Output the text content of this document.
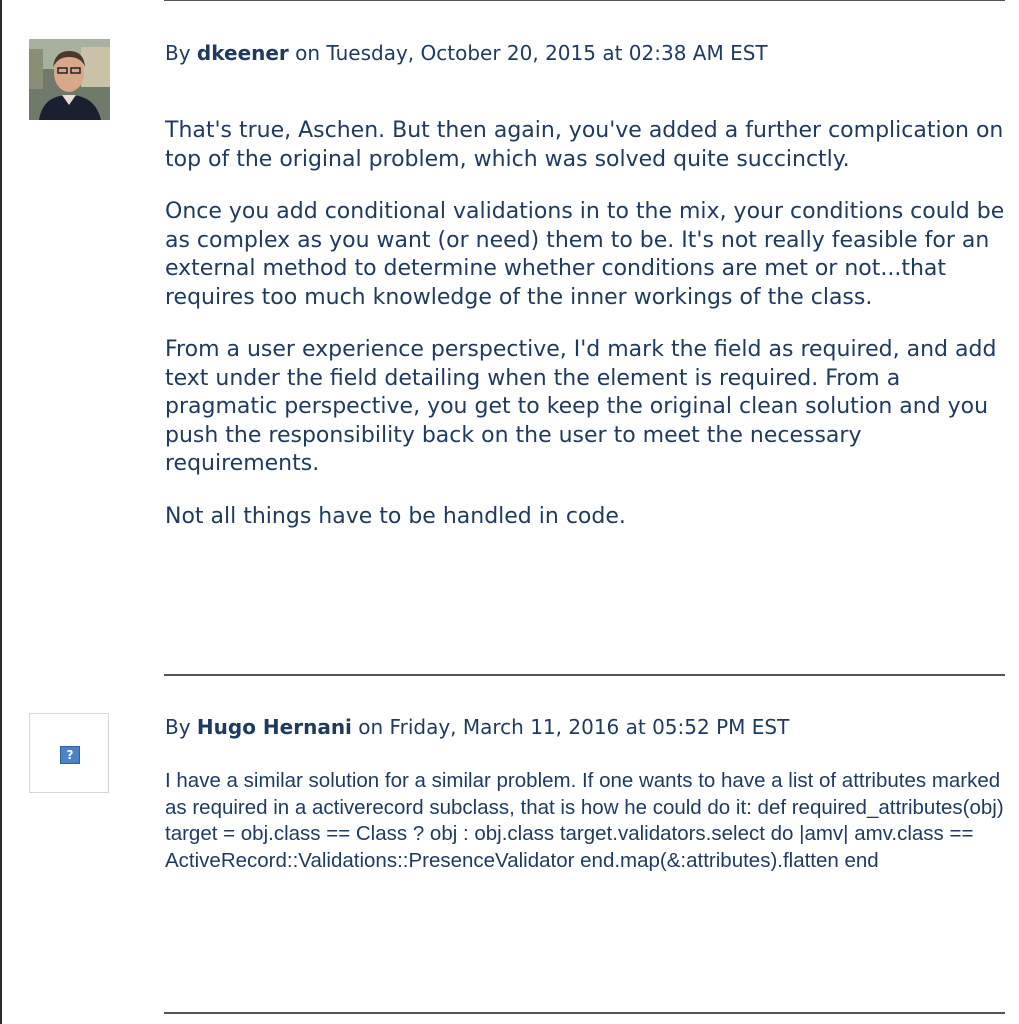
By dkeener on Tuesday, October 20, 2015 at 02:38 AM EST

That's true, Aschen. But then again, you've added a further complication on top of the original problem, which was solved quite succinctly.

Once you add conditional validations in to the mix, your conditions could be as complex as you want (or need) them to be. It's not really feasible for an external method to determine whether conditions are met or not...that requires too much knowledge of the inner workings of the class.

From a user experience perspective, I'd mark the field as required, and add text under the field detailing when the element is required. From a pragmatic perspective, you get to keep the original clean solution and you push the responsibility back on the user to meet the necessary requirements.

Not all things have to be handled in code.

?
By Hugo Hernani on Friday, March 11, 2016 at 05:52 PM EST

I have a similar solution for a similar problem. If one wants to have a list of attributes marked as required in a activerecord subclass, that is how he could do it: def required_attributes(obj) target = obj.class == Class ? obj : obj.class target.validators.select do |amv| amv.class == ActiveRecord::Validations::PresenceValidator end.map(&:attributes).flatten end
